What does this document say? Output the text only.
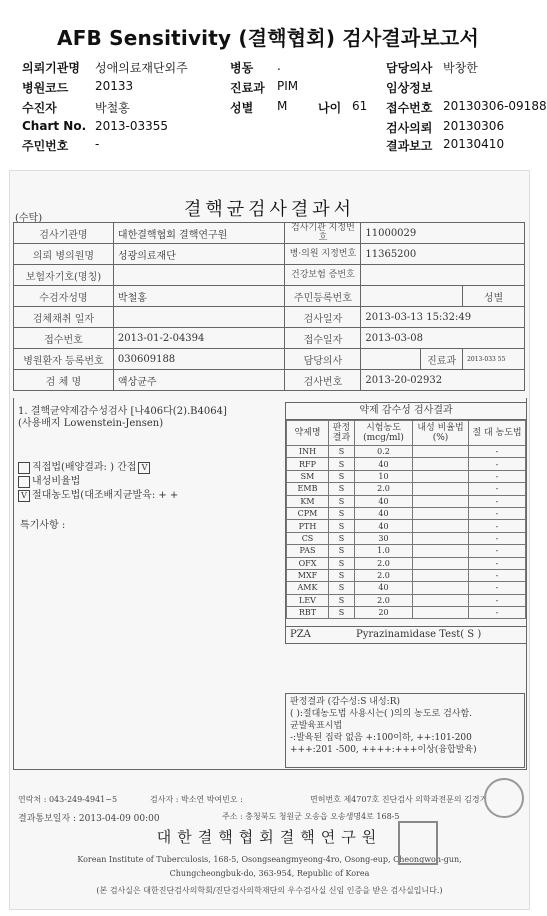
AFB Sensitivity (결핵협회) 검사결과보고서
의뢰기관명 성애의료재단외주	병동 .	담당의사 박창한
병원코드 20133	진료과 PIM	임상정보
수진자	박철홍	성별 M	나이 61 접수번호 20130306-09188
Chart No. 2013-03355	검사의뢰 20130306
주민번호 -	결과보고 20130410
(수탁)	결핵균검사결과서
검사기관명	대한결핵협회 결핵연구원	검사기관 지정번호	11000029		
의뢰 병의원명	성광의료재단	병·의원 지정번호	11365200		
보험자기호(명칭)		건강보험 증번호			
수검자성명	박철홍	주민등록번호			성별
검체채취 일자		검사일자	2013-03-13 15:32:49		
접수번호	2013-01-2-04394	접수일자	2013-03-08		
병원환자 등록번호	030609188	담당의사		진료과	2013-033 55
검 체 명	액상균주	검사번호	2013-20-02932		
1. 결핵균약제감수성검사 [나406다(2).B4064]
(사용배지 Lowenstein-Jensen)
직접법(배양결과: ) 간접 V
내성비율법
V 절대농도법(대조배지균발육: + +
특기사항 :
약제 감수성 검사결과
약제명	판정 결과	시험농도 (mcg/ml)	내성 비율법(%)	절 대 농도법
INH	S	0.2		-
RFP	S	40		-
SM	S	10		-
EMB	S	2.0		-
KM	S	40		-
CPM	S	40		-
PTH	S	40		-
CS	S	30		-
PAS	S	1.0		-
OFX	S	2.0		-
MXF	S	2.0		-
AMK	S	40		-
LEV	S	2.0		-
RBT	S	20		-
PZA	Pyrazinamidase Test( S )
판정결과 (감수성:S 내성:R)
( ):절대농도법 사용시는( )의의 농도로 검사함.
균발육표시법
-:발육된 집락 없음 +:100이하, ++:101-200
+++:201 -500, ++++:+++이상(융합발육)
연락처 : 043-249-4941~5	검사자 : 박소연 박여빈오 :	면허번호 제4707호 진단검사 의학과전문의 김경기
결과통보일자 : 2013-04-09 00:00	주소 : 충청북도 청원군 오송읍 오송생명4로 168-5
대한결핵협회결핵연구원
Korean Institute of Tuberculosis, 168-5, Osongseangmyeong-4ro, Osong-eup, Cheongwon-gun,
Chungcheongbuk-do, 363-954, Republic of Korea
(본 검사실은 대한진단검사의학회/진단검사의학재단의 우수검사실 신임 인증을 받은 검사실입니다.)
